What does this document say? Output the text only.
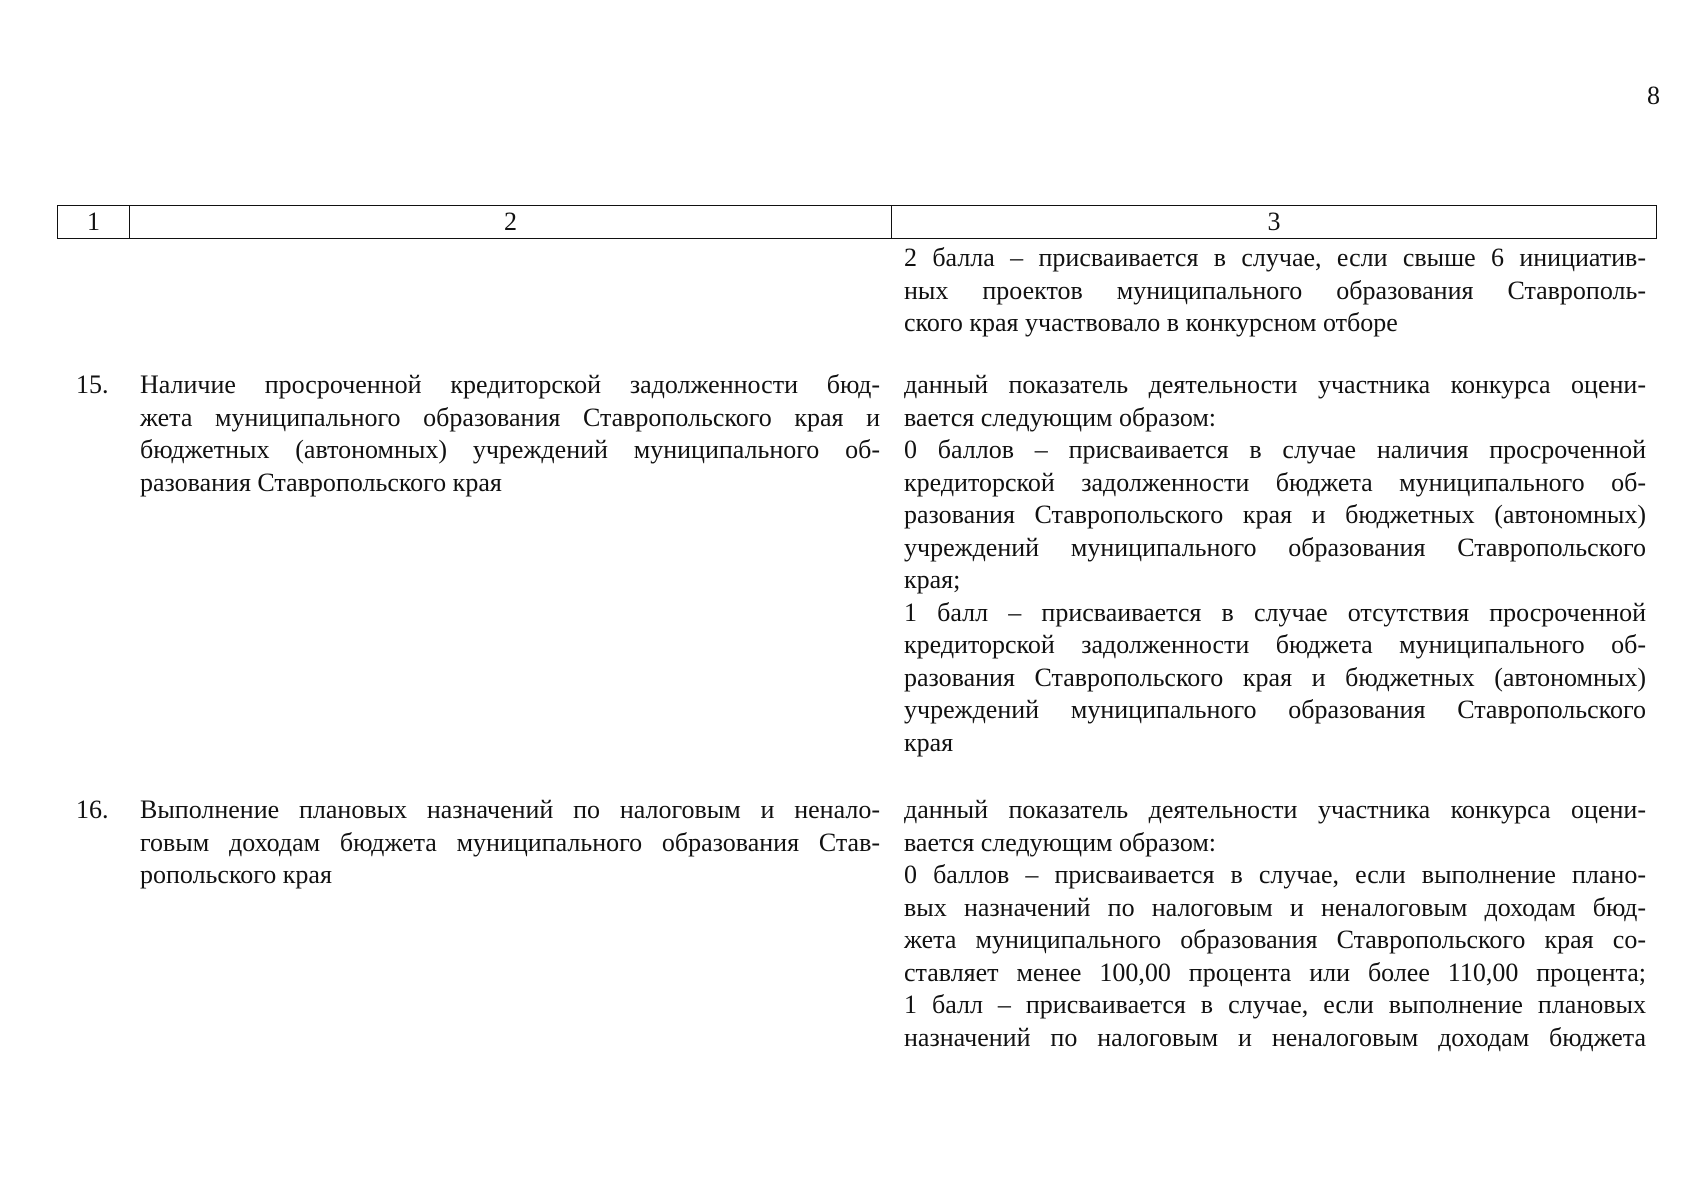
8
1	2	3
2 балла – присваивается в случае, если свыше 6 инициатив-
ных проектов муниципального образования Ставрополь-
ского края участвовало в конкурсном отборе
15. Наличие просроченной кредиторской задолженности бюд-
жета муниципального образования Ставропольского края и
бюджетных (автономных) учреждений муниципального об-
разования Ставропольского края
данный показатель деятельности участника конкурса оцени-
вается следующим образом:
0 баллов – присваивается в случае наличия просроченной
кредиторской задолженности бюджета муниципального об-
разования Ставропольского края и бюджетных (автономных)
учреждений муниципального образования Ставропольского
края;
1 балл – присваивается в случае отсутствия просроченной
кредиторской задолженности бюджета муниципального об-
разования Ставропольского края и бюджетных (автономных)
учреждений муниципального образования Ставропольского
края
16. Выполнение плановых назначений по налоговым и ненало-
говым доходам бюджета муниципального образования Став-
ропольского края
данный показатель деятельности участника конкурса оцени-
вается следующим образом:
0 баллов – присваивается в случае, если выполнение плано-
вых назначений по налоговым и неналоговым доходам бюд-
жета муниципального образования Ставропольского края со-
ставляет менее 100,00 процента или более 110,00 процента;
1 балл – присваивается в случае, если выполнение плановых
назначений по налоговым и неналоговым доходам бюджета
